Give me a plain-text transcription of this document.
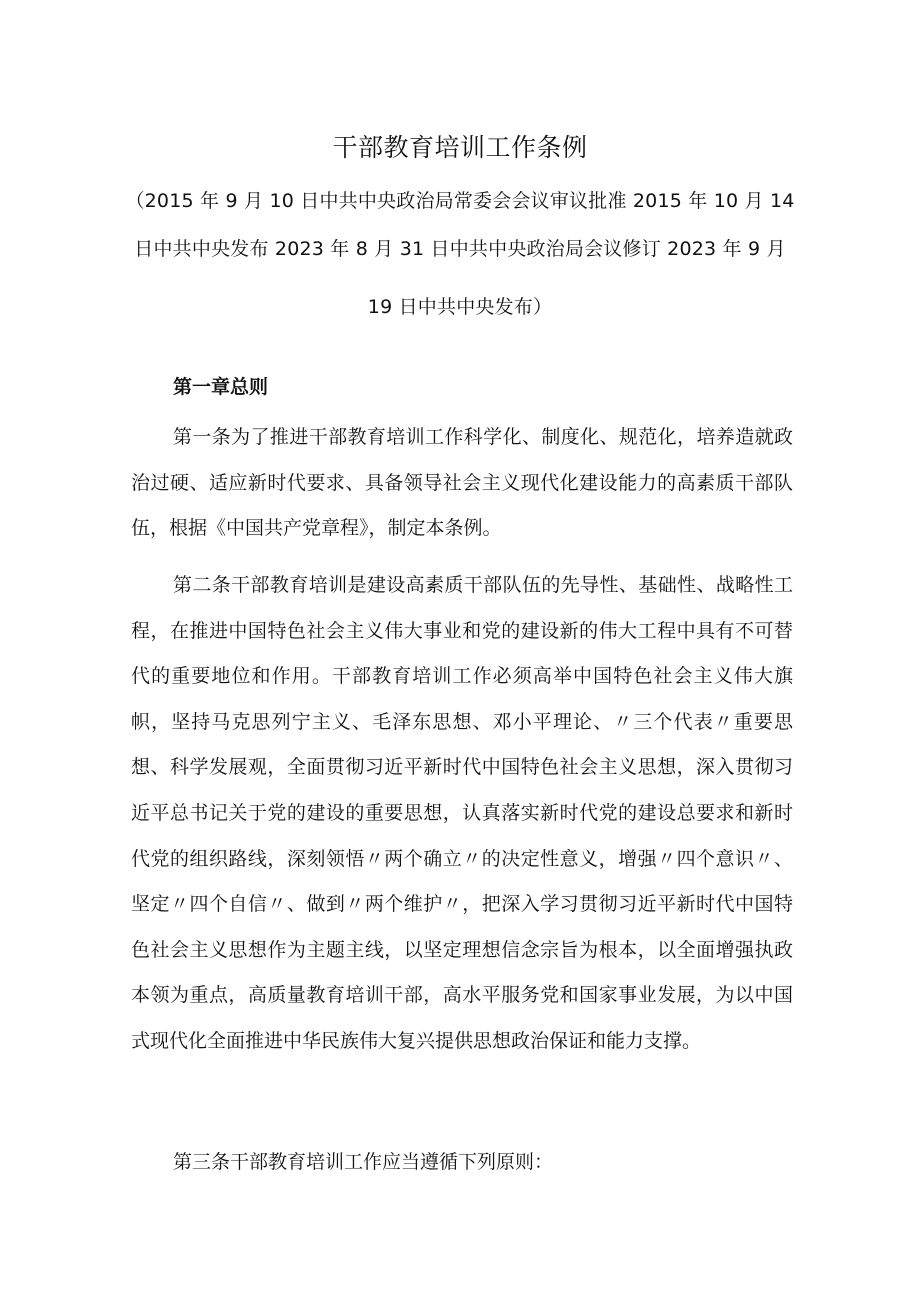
干部教育培训工作条例
（2015 年 9 月 10 日中共中央政治局常委会会议审议批准 2015 年 10 月 14
日中共中央发布 2023 年 8 月 31 日中共中央政治局会议修订 2023 年 9 月
19 日中共中央发布）
第一章总则

第一条为了推进干部教育培训工作科学化、制度化、规范化，培养造就政治过硬、适应新时代要求、具备领导社会主义现代化建设能力的高素质干部队伍，根据《中国共产党章程》，制定本条例。

第二条干部教育培训是建设高素质干部队伍的先导性、基础性、战略性工程，在推进中国特色社会主义伟大事业和党的建设新的伟大工程中具有不可替代的重要地位和作用。干部教育培训工作必须高举中国特色社会主义伟大旗帜，坚持马克思列宁主义、毛泽东思想、邓小平理论、〃三个代表〃重要思想、科学发展观，全面贯彻习近平新时代中国特色社会主义思想，深入贯彻习近平总书记关于党的建设的重要思想，认真落实新时代党的建设总要求和新时代党的组织路线，深刻领悟〃两个确立〃的决定性意义，增强〃四个意识〃、坚定〃四个自信〃、做到〃两个维护〃，把深入学习贯彻习近平新时代中国特色社会主义思想作为主题主线，以坚定理想信念宗旨为根本，以全面增强执政本领为重点，高质量教育培训干部，高水平服务党和国家事业发展，为以中国式现代化全面推进中华民族伟大复兴提供思想政治保证和能力支撑。

第三条干部教育培训工作应当遵循下列原则：
